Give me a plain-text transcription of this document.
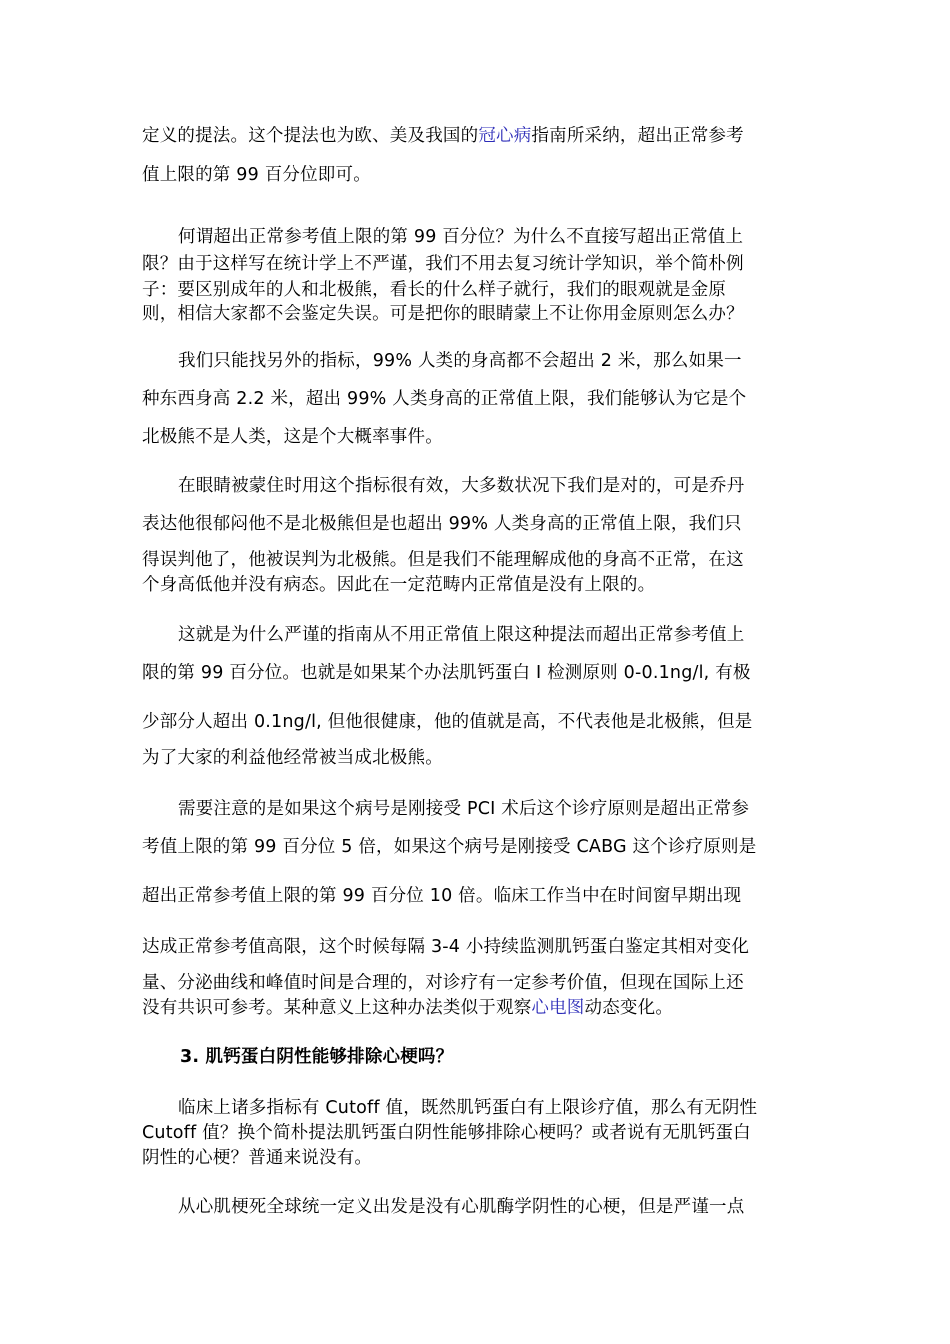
定义的提法。这个提法也为欧、美及我国的冠心病指南所采纳，超出正常参考
值上限的第 99 百分位即可。
何谓超出正常参考值上限的第 99 百分位？为什么不直接写超出正常值上
限？由于这样写在统计学上不严谨，我们不用去复习统计学知识，举个简朴例
子：要区别成年的人和北极熊，看长的什么样子就行，我们的眼观就是金原
则，相信大家都不会鉴定失误。可是把你的眼睛蒙上不让你用金原则怎么办？
我们只能找另外的指标，99% 人类的身高都不会超出 2 米，那么如果一
种东西身高 2.2 米，超出 99% 人类身高的正常值上限，我们能够认为它是个
北极熊不是人类，这是个大概率事件。
在眼睛被蒙住时用这个指标很有效，大多数状况下我们是对的，可是乔丹
表达他很郁闷他不是北极熊但是也超出 99% 人类身高的正常值上限，我们只
得误判他了，他被误判为北极熊。但是我们不能理解成他的身高不正常，在这
个身高低他并没有病态。因此在一定范畴内正常值是没有上限的。
这就是为什么严谨的指南从不用正常值上限这种提法而超出正常参考值上
限的第 99 百分位。也就是如果某个办法肌钙蛋白 I 检测原则 0-0.1ng/l, 有极
少部分人超出 0.1ng/l, 但他很健康，他的值就是高，不代表他是北极熊，但是
为了大家的利益他经常被当成北极熊。
需要注意的是如果这个病号是刚接受 PCI 术后这个诊疗原则是超出正常参
考值上限的第 99 百分位 5 倍，如果这个病号是刚接受 CABG 这个诊疗原则是
超出正常参考值上限的第 99 百分位 10 倍。临床工作当中在时间窗早期出现
达成正常参考值高限，这个时候每隔 3-4 小持续监测肌钙蛋白鉴定其相对变化
量、分泌曲线和峰值时间是合理的，对诊疗有一定参考价值，但现在国际上还
没有共识可参考。某种意义上这种办法类似于观察心电图动态变化。
3. 肌钙蛋白阴性能够排除心梗吗？
临床上诸多指标有 Cutoff 值，既然肌钙蛋白有上限诊疗值，那么有无阴性
Cutoff 值？换个简朴提法肌钙蛋白阴性能够排除心梗吗？或者说有无肌钙蛋白
阴性的心梗？普通来说没有。
从心肌梗死全球统一定义出发是没有心肌酶学阴性的心梗，但是严谨一点
